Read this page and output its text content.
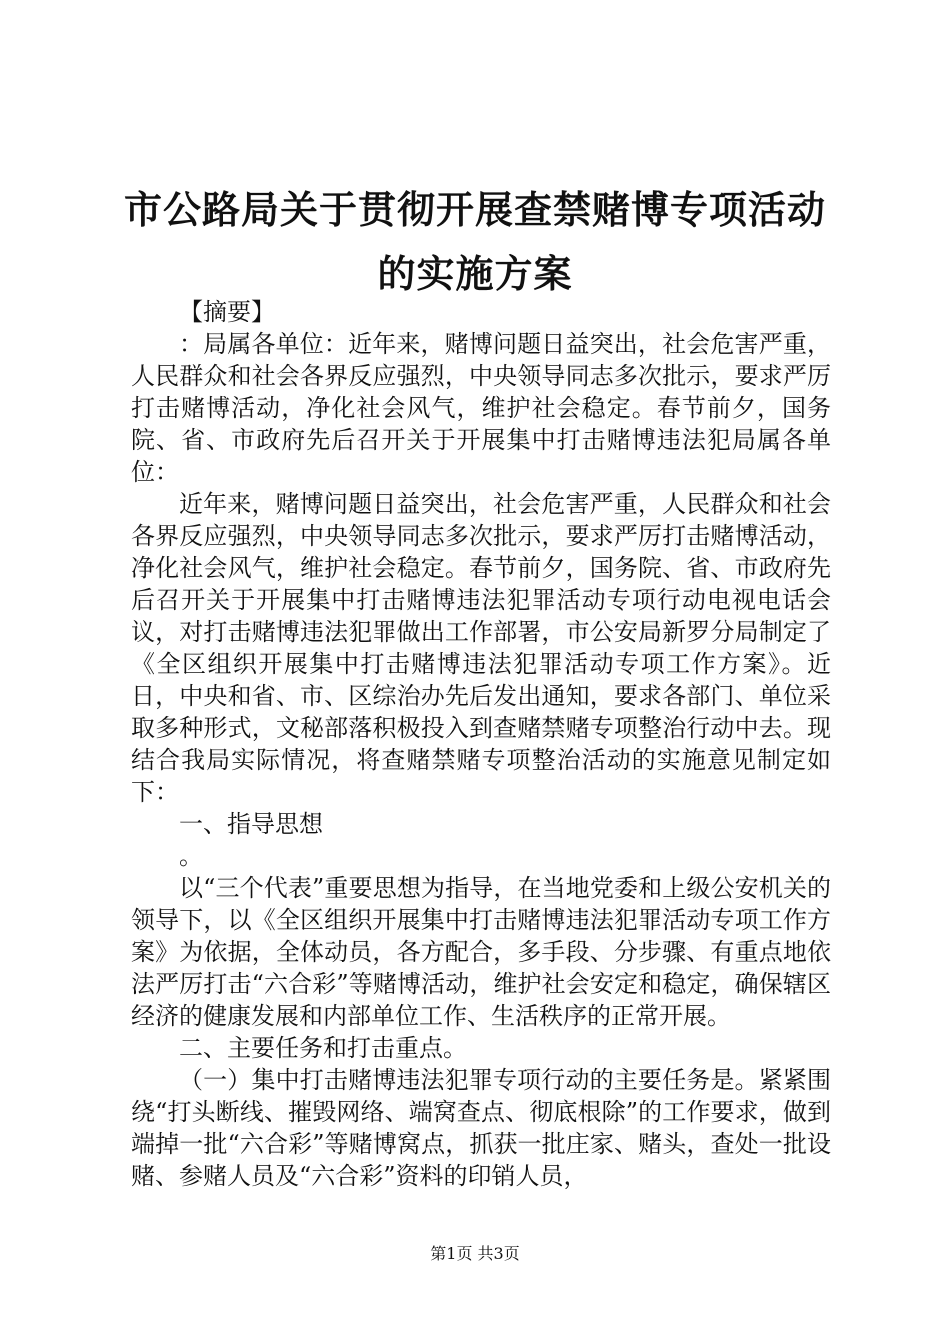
市公路局关于贯彻开展查禁赌博专项活动的实施方案

【摘要】

：局属各单位：近年来，赌博问题日益突出，社会危害严重，人民群众和社会各界反应强烈，中央领导同志多次批示，要求严厉打击赌博活动，净化社会风气，维护社会稳定。春节前夕，国务院、省、市政府先后召开关于开展集中打击赌博违法犯局属各单位：

近年来，赌博问题日益突出，社会危害严重，人民群众和社会各界反应强烈，中央领导同志多次批示，要求严厉打击赌博活动，净化社会风气，维护社会稳定。春节前夕，国务院、省、市政府先后召开关于开展集中打击赌博违法犯罪活动专项行动电视电话会议，对打击赌博违法犯罪做出工作部署，市公安局新罗分局制定了《全区组织开展集中打击赌博违法犯罪活动专项工作方案》。近日，中央和省、市、区综治办先后发出通知，要求各部门、单位采取多种形式，文秘部落积极投入到查赌禁赌专项整治行动中去。现结合我局实际情况，将查赌禁赌专项整治活动的实施意见制定如下：

一、指导思想

。

以“三个代表”重要思想为指导，在当地党委和上级公安机关的领导下，以《全区组织开展集中打击赌博违法犯罪活动专项工作方案》为依据，全体动员，各方配合，多手段、分步骤、有重点地依法严厉打击“六合彩”等赌博活动，维护社会安定和稳定，确保辖区经济的健康发展和内部单位工作、生活秩序的正常开展。

二、主要任务和打击重点。

（一）集中打击赌博违法犯罪专项行动的主要任务是。紧紧围绕“打头断线、摧毁网络、端窝查点、彻底根除”的工作要求，做到端掉一批“六合彩”等赌博窝点，抓获一批庄家、赌头，查处一批设赌、参赌人员及“六合彩”资料的印销人员，

第1页 共3页
